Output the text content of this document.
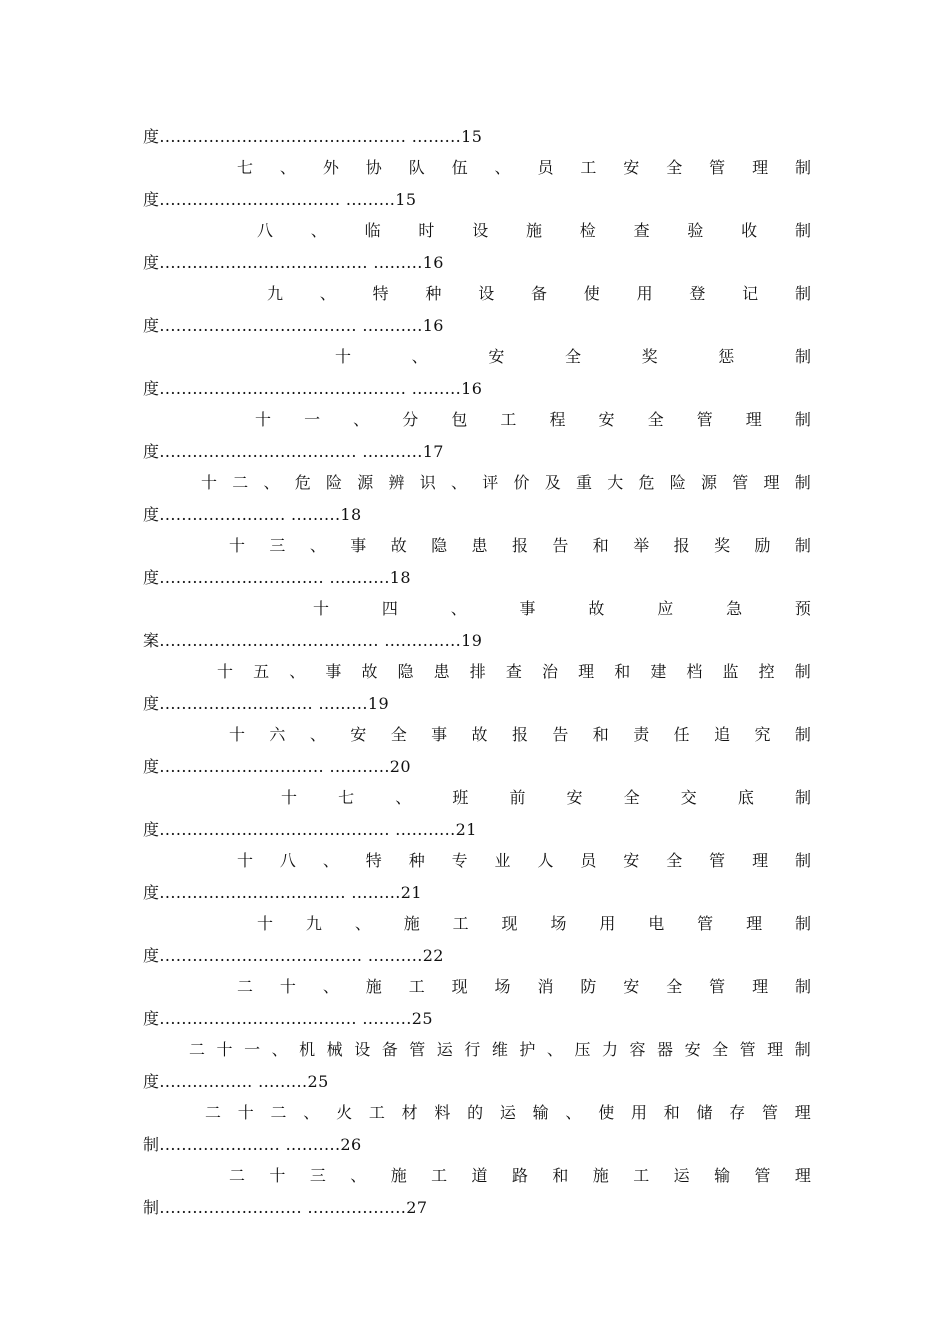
度............................................. .........15
七 、 外 协 队 伍 、 员 工 安 全 管 理 制
度................................. .........15
八 、 临 时 设 施 检 查 验 收 制
度...................................... .........16
九 、 特 种 设 备 使 用 登 记 制
度.................................... ...........16
十	、	安	全	奖	惩	制
度............................................. .........16
十 一 、 分 包 工 程 安 全 管 理 制
度.................................... ...........17
十 二 、 危 险 源 辨 识 、 评 价 及 重 大 危 险 源 管 理 制
度....................... .........18
十 三 、 事 故 隐 患 报 告 和 举 报 奖 励 制
度.............................. ...........18
十	四	、	事	故	应	急	预
案........................................ ..............19
十 五 、 事 故 隐 患 排 查 治 理 和 建 档 监 控 制
度............................ .........19
十 六 、 安 全 事 故 报 告 和 责 任 追 究 制
度.............................. ...........20
十	七	、	班	前	安	全	交	底	制
度.......................................... ...........21
十 八 、 特 种 专 业 人 员 安 全 管 理 制
度.................................. .........21
十 九 、 施 工 现 场 用 电 管 理 制
度..................................... ..........22
二 十 、 施 工 现 场 消 防 安 全 管 理 制
度.................................... .........25
二 十 一 、 机 械 设 备 管 运 行 维 护 、 压 力 容 器 安 全 管 理 制
度................. .........25
二 十 二 、 火 工 材 料 的 运 输 、 使 用 和 储 存 管 理
制...................... ..........26
二 十 三 、 施 工 道 路 和 施 工 运 输 管 理
制.......................... ..................27
